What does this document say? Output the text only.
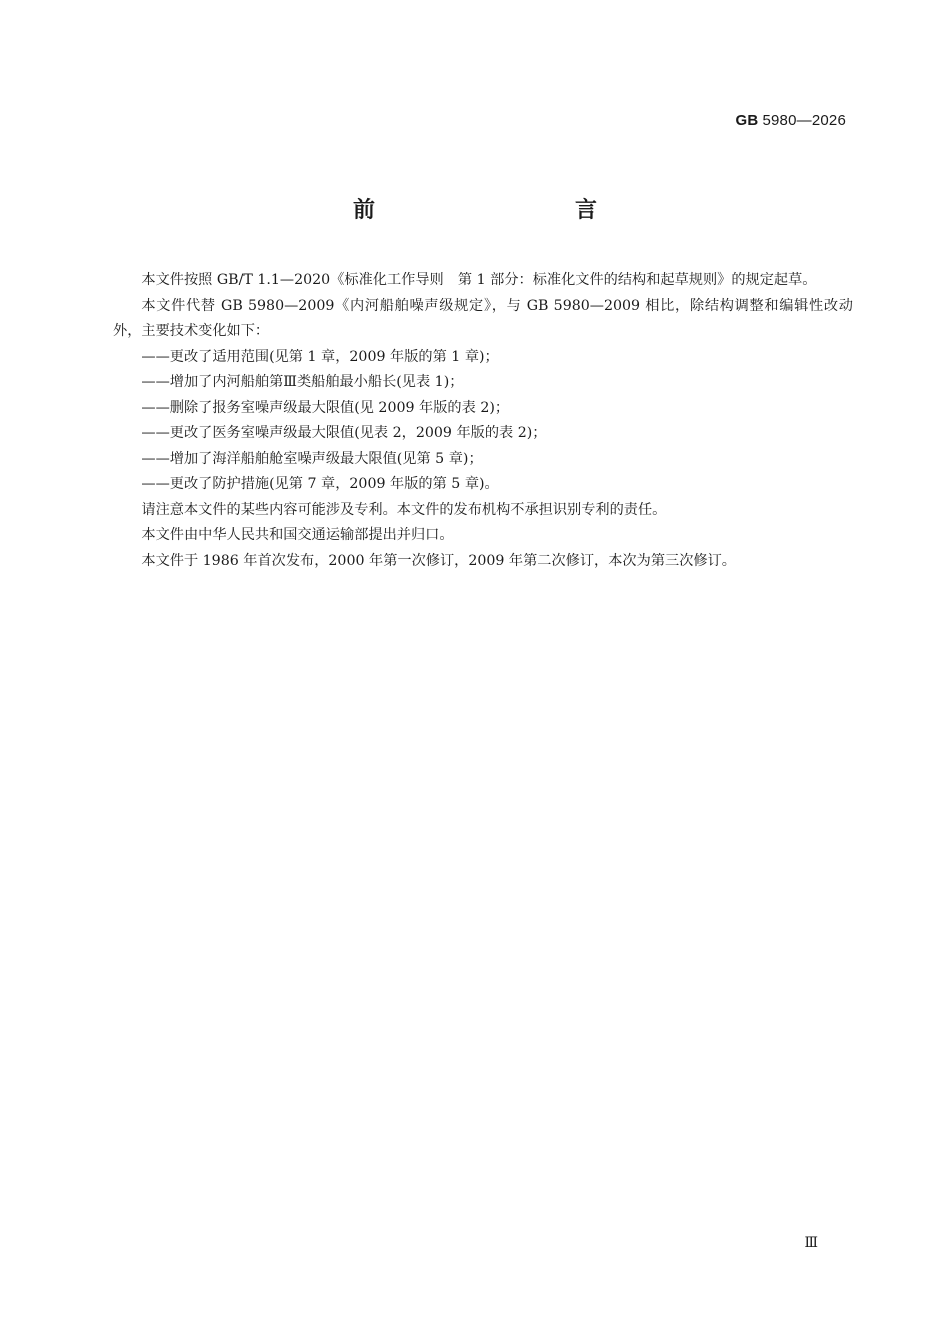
GB 5980—2026
前　　言

本文件按照 GB/T 1.1—2020《标准化工作导则　第 1 部分：标准化文件的结构和起草规则》的规定起草。

本文件代替 GB 5980—2009《内河船舶噪声级规定》，与 GB 5980—2009 相比，除结构调整和编辑性改动外，主要技术变化如下：

——更改了适用范围(见第 1 章，2009 年版的第 1 章)；

——增加了内河船舶第Ⅲ类船舶最小船长(见表 1)；

——删除了报务室噪声级最大限值(见 2009 年版的表 2)；

——更改了医务室噪声级最大限值(见表 2，2009 年版的表 2)；

——增加了海洋船舶舱室噪声级最大限值(见第 5 章)；

——更改了防护措施(见第 7 章，2009 年版的第 5 章)。

请注意本文件的某些内容可能涉及专利。本文件的发布机构不承担识别专利的责任。

本文件由中华人民共和国交通运输部提出并归口。

本文件于 1986 年首次发布，2000 年第一次修订，2009 年第二次修订，本次为第三次修订。

Ⅲ
